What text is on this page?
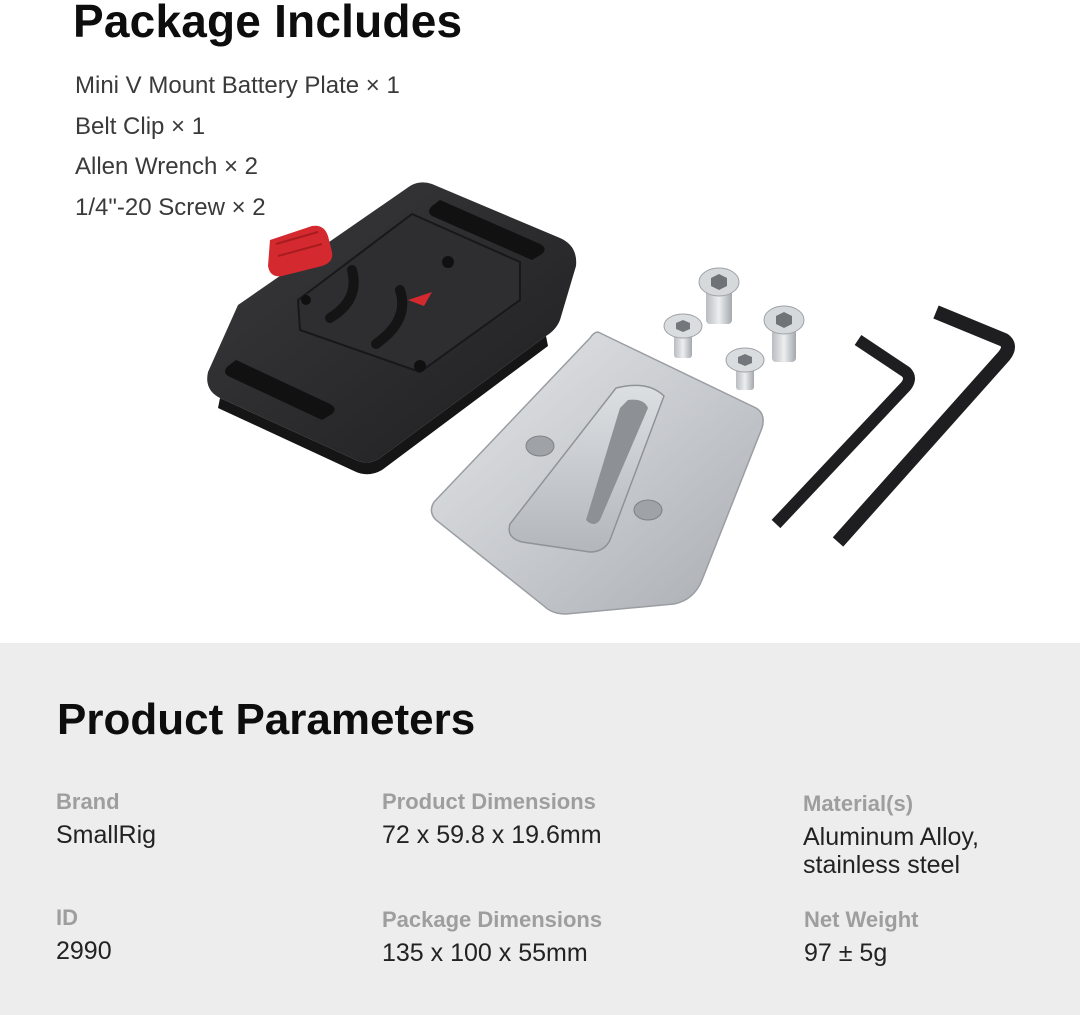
Package Includes
Mini V Mount Battery Plate × 1
Belt Clip × 1
Allen Wrench × 2
1/4"-20 Screw × 2
Product Parameters
Brand
SmallRig
Product Dimensions
72 x 59.8 x 19.6mm
Material(s)
Aluminum Alloy,
stainless steel
ID
2990
Package Dimensions
135 x 100 x 55mm
Net Weight
97 ± 5g
